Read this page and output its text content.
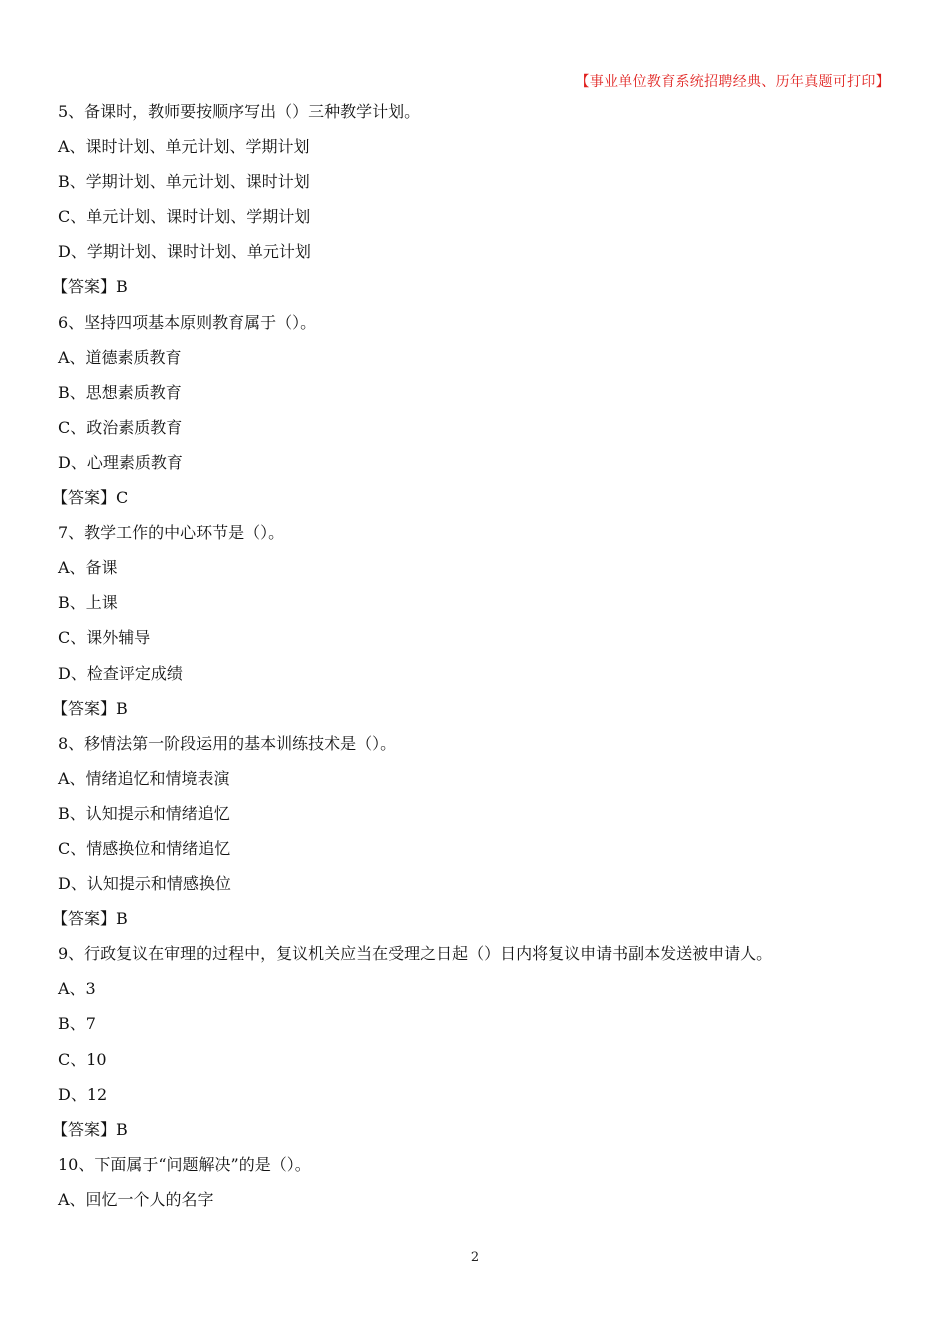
【事业单位教育系统招聘经典、历年真题可打印】
5、备课时，教师要按顺序写出（）三种教学计划。
A、课时计划、单元计划、学期计划
B、学期计划、单元计划、课时计划
C、单元计划、课时计划、学期计划
D、学期计划、课时计划、单元计划
【答案】B
6、坚持四项基本原则教育属于（）。
A、道德素质教育
B、思想素质教育
C、政治素质教育
D、心理素质教育
【答案】C
7、教学工作的中心环节是（）。
A、备课
B、上课
C、课外辅导
D、检查评定成绩
【答案】B
8、移情法第一阶段运用的基本训练技术是（）。
A、情绪追忆和情境表演
B、认知提示和情绪追忆
C、情感换位和情绪追忆
D、认知提示和情感换位
【答案】B
9、行政复议在审理的过程中，复议机关应当在受理之日起（）日内将复议申请书副本发送被申请人。
A、3
B、7
C、10
D、12
【答案】B
10、下面属于“问题解决”的是（）。
A、回忆一个人的名字
2
